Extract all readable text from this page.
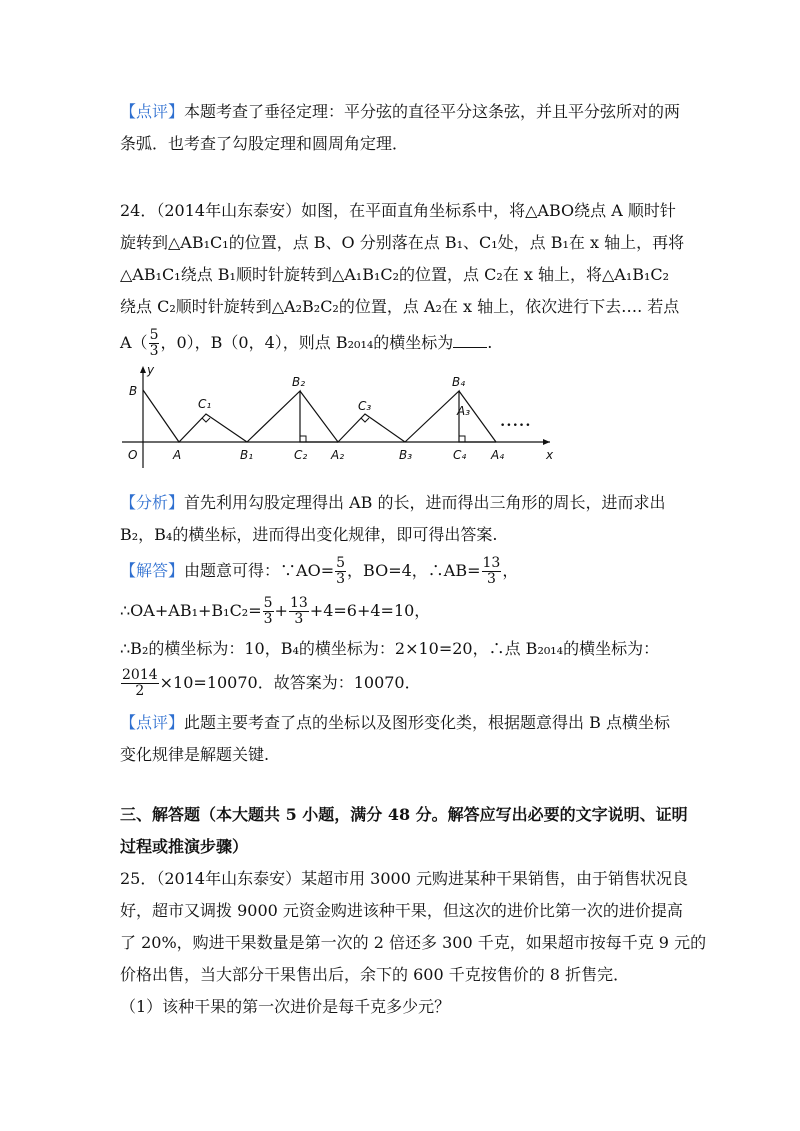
【点评】本题考查了垂径定理：平分弦的直径平分这条弦，并且平分弦所对的两
条弧．也考查了勾股定理和圆周角定理．
24．（2014年山东泰安）如图，在平面直角坐标系中，将△ABO绕点 A 顺时针
旋转到△AB₁C₁的位置，点 B、O 分别落在点 B₁、C₁处，点 B₁在 x 轴上，再将
△AB₁C₁绕点 B₁顺时针旋转到△A₁B₁C₂的位置，点 C₂在 x 轴上，将△A₁B₁C₂
绕点 C₂顺时针旋转到△A₂B₂C₂的位置，点 A₂在 x 轴上，依次进行下去…. 若点
$A( \frac{5}{3}$ ，0），B（0，4），则点 B₂₀₁₄的横坐标为 .
y
x
O
B
A
C₁
B₁
B₂
C₂ A₂
C₃
B₃
B₄
A₃
C₄ A₄
•••••
【分析】首先利用勾股定理得出 AB 的长，进而得出三角形的周长，进而求出
B₂，B₄的横坐标，进而得出变化规律，即可得出答案.
【解答】由题意可得：∵AO= $\frac{5}{3}$ ，BO=4，∴AB= $\frac{13}{3}$ ，
∴OA+AB₁+B₁C₂= $\frac{5}{3} + \frac{13}{3} +4=6+4=10$，
∴B₂的横坐标为：10，B₄的横坐标为：2×10=20，∴点 B₂₀₁₄的横坐标为：
$\frac{2014}{2} \times 10=10070$．故答案为：10070．
【点评】此题主要考查了点的坐标以及图形变化类，根据题意得出 B 点横坐标
变化规律是解题关键.
三、解答题（本大题共 5 小题，满分 48 分。解答应写出必要的文字说明、证明
过程或推演步骤）
25．（2014年山东泰安）某超市用 3000 元购进某种干果销售，由于销售状况良
好，超市又调拨 9000 元资金购进该种干果，但这次的进价比第一次的进价提高
了 20%，购进干果数量是第一次的 2 倍还多 300 千克，如果超市按每千克 9 元的
价格出售，当大部分干果售出后，余下的 600 千克按售价的 8 折售完．
（1）该种干果的第一次进价是每千克多少元？
